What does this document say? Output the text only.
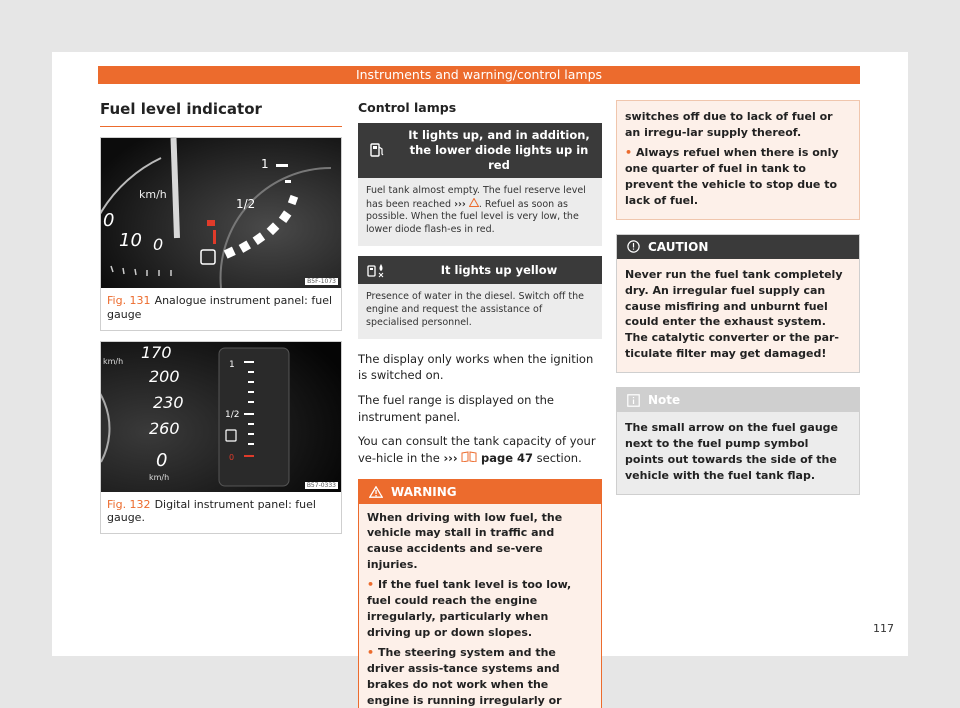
Instruments and warning/control lamps
Fuel level indicator
km/h
0
10 0
1/2
1
B5F-1073
Fig. 131 Analogue instrument panel: fuel gauge
km/h 170
200
230
260
0
km/h
1
1/2
0
B57-0333
Fig. 132 Digital instrument panel: fuel gauge.
Control lamps
It lights up, and in addition, the lower diode lights up in red
Fuel tank almost empty. The fuel reserve level has been reached ››› . Refuel as soon as possible. When the fuel level is very low, the lower diode flash-es in red.
It lights up yellow
Presence of water in the diesel. Switch off the engine and request the assistance of specialised personnel.

The display only works when the ignition is switched on.

The fuel range is displayed on the instrument panel.

You can consult the tank capacity of your ve-hicle in the ››› page 47 section.

WARNING

When driving with low fuel, the vehicle may stall in traffic and cause accidents and se-vere injuries.

• If the fuel tank level is too low, fuel could reach the engine irregularly, particularly when driving up or down slopes.

• The steering system and the driver assis-tance systems and brakes do not work when the engine is running irregularly or

switches off due to lack of fuel or an irregu-lar supply thereof.

• Always refuel when there is only one quarter of fuel in tank to prevent the vehicle to stop due to lack of fuel.

CAUTION
Never run the fuel tank completely dry. An irregular fuel supply can cause misfiring and unburnt fuel could enter the exhaust system. The catalytic converter or the par-ticulate filter may get damaged!
Note
The small arrow on the fuel gauge next to the fuel pump symbol points out towards the side of the vehicle with the fuel tank flap.
117
